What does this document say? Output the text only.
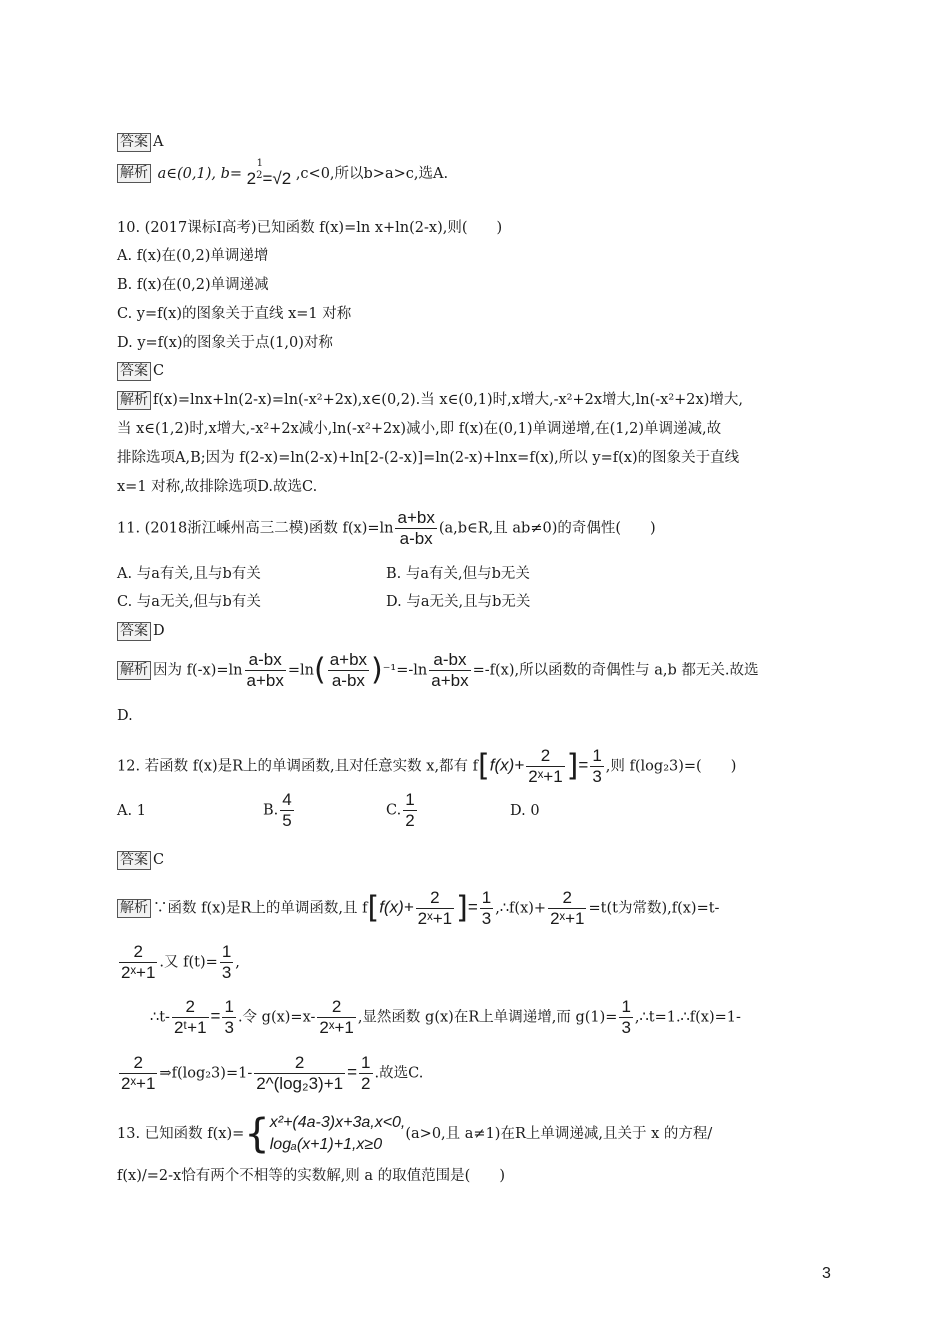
答案 A
解析 a∈(0,1), b=
1
$2^2=√2$ ,c<0,所以b>a>c,选A.
10. (2017课标Ⅰ高考)已知函数 f(x)=ln x+ln(2-x),则(　　)
A. f(x)在(0,2)单调递增
B. f(x)在(0,2)单调递减
C. y=f(x)的图象关于直线 x=1 对称
D. y=f(x)的图象关于点(1,0)对称
答案 C
解析 f(x)=lnx+ln(2-x)=ln(-x²+2x),x∈(0,2).当 x∈(0,1)时,x增大,-x²+2x增大,ln(-x²+2x)增大,
当 x∈(1,2)时,x增大,-x²+2x减小,ln(-x²+2x)减小,即 f(x)在(0,1)单调递增,在(1,2)单调递减,故
排除选项A,B;因为 f(2-x)=ln(2-x)+ln[2-(2-x)]=ln(2-x)+lnx=f(x),所以 y=f(x)的图象关于直线
x=1 对称,故排除选项D.故选C.
11. (2018浙江嵊州高三二模)函数 $f(x)=\ln \frac{a+bx}{a-bx}$ (a,b∈R,且 ab≠0)的奇偶性(　　)
A. 与a有关,且与b有关	B. 与a有关,但与b无关
C. 与a无关,但与b有关	D. 与a无关,且与b无关
答案 D
解析 因为 $f(-x)=\ln \frac{a-bx}{a+bx} =\ln( \frac{a+bx}{a-bx} )^{-1}=-\ln \frac{a-bx}{a+bx} =-f(x)$,所以函数的奇偶性与 a,b 都无关.故选
D.
12. 若函数 f(x)是R上的单调函数,且对任意实数 x,都有 $f[f(x)+ \frac{2}{\text{2ˣ+1}}$ ]= $\frac{1}{3}$ ,则 f(log₂3)=(　　)
A. 1	B. $\frac{4}{5}$	C. $\frac{1}{2}$	D. 0
答案 C
解析 ∵函数 f(x)是R上的单调函数,且 $f[f(x)+ \frac{2}{\text{2ˣ+1}}$ ]= $\frac{1}{3}$ ,∴f(x)+ $\frac{2}{\text{2ˣ+1}} =t(t$为常数),f(x)=t-
$\frac{2}{\text{2ˣ+1}}$ .又 $f(t)= \frac{1}{3}$ ,
∴t- $\frac{2}{\text{2ᵗ+1}} = \frac{1}{3}$ .令 $g(x)=x- \frac{2}{\text{2ˣ+1}}$ ,显然函数 g(x)在R上单调递增,而 $g(1)= \frac{1}{3}$ ,∴t=1.∴f(x)=1-
$\frac{2}{\text{2ˣ+1}}$ ⇒f(log₂3)=1- $\frac{2}{\text{2\textasciicircum{}(log₂3)+1}} = \frac{1}{2}$ .故选C.
13. 已知函数 f(x)={ x²+(4a-3)x+3a,x<0,
logₐ(x+1)+1,x≥0
(a>0,且 a≠1)在R上单调递减,且关于 x 的方程/
f(x)/=2-x恰有两个不相等的实数解,则 a 的取值范围是(　　)
3
